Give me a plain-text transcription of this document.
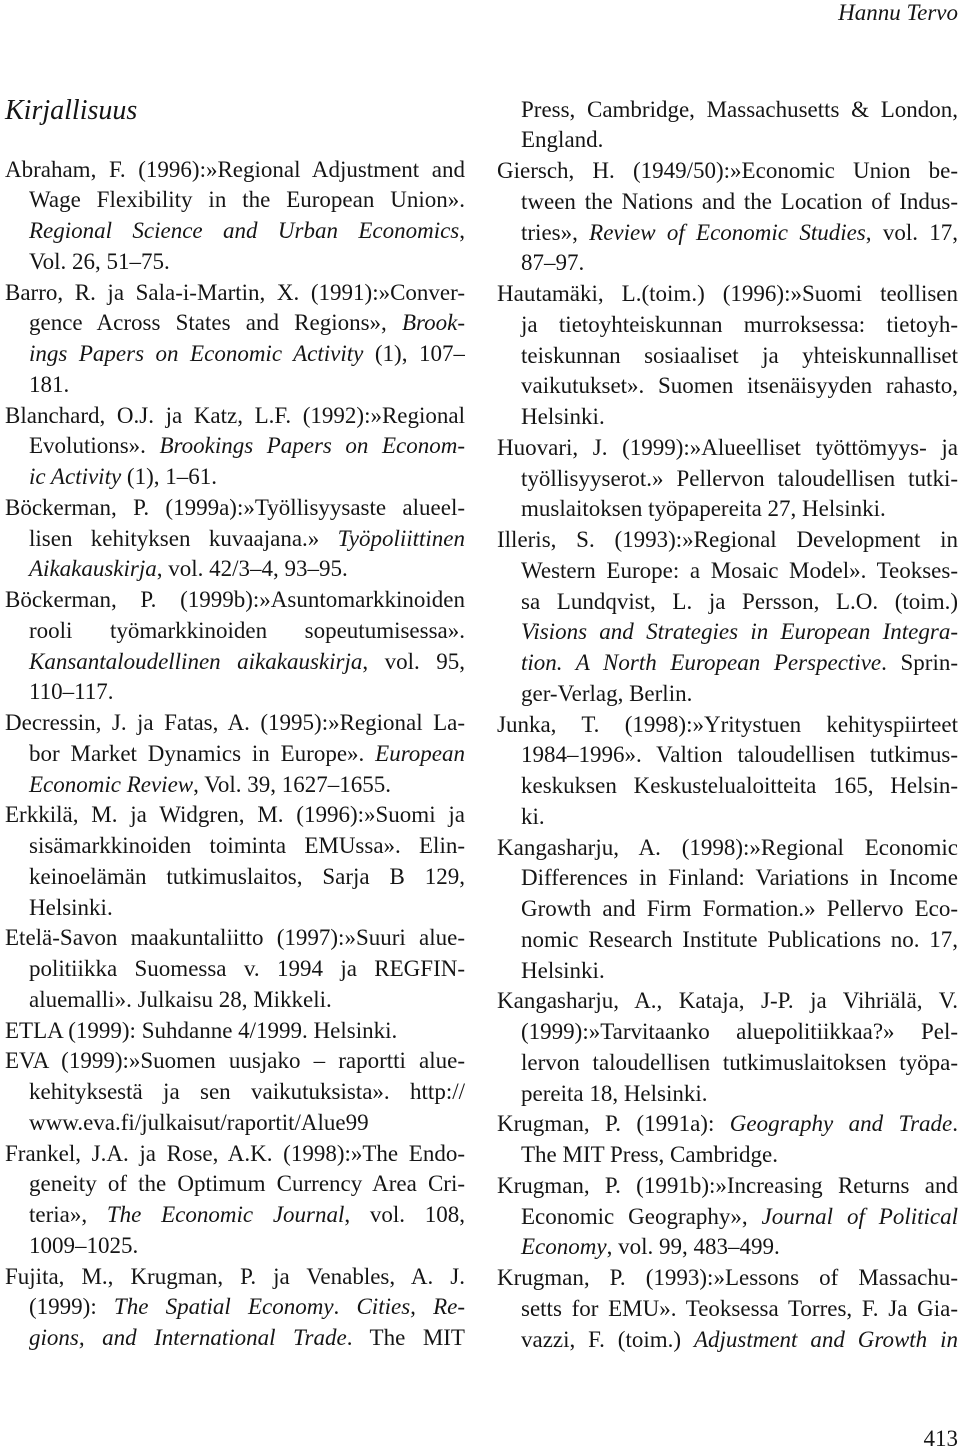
Hannu Tervo
Kirjallisuus
Abraham, F. (1996):»Regional Adjustment and
Wage Flexibility in the European Union».
Regional Science and Urban Economics,
Vol. 26, 51–75.
Barro, R. ja Sala-i-Martin, X. (1991):»Conver-
gence Across States and Regions», Brook-
ings Papers on Economic Activity (1), 107–
181.
Blanchard, O.J. ja Katz, L.F. (1992):»Regional
Evolutions». Brookings Papers on Econom-
ic Activity (1), 1–61.
Böckerman, P. (1999a):»Työllisyysaste alueel-
lisen kehityksen kuvaajana.» Työpoliittinen
Aikakauskirja, vol. 42/3–4, 93–95.
Böckerman, P. (1999b):»Asuntomarkkinoiden
rooli työmarkkinoiden sopeutumisessa».
Kansantaloudellinen aikakauskirja, vol. 95,
110–117.
Decressin, J. ja Fatas, A. (1995):»Regional La-
bor Market Dynamics in Europe». European
Economic Review, Vol. 39, 1627–1655.
Erkkilä, M. ja Widgren, M. (1996):»Suomi ja
sisämarkkinoiden toiminta EMUssa». Elin-
keinoelämän tutkimuslaitos, Sarja B 129,
Helsinki.
Etelä-Savon maakuntaliitto (1997):»Suuri alue-
politiikka Suomessa v. 1994 ja REGFIN-
aluemalli». Julkaisu 28, Mikkeli.
ETLA (1999): Suhdanne 4/1999. Helsinki.
EVA (1999):»Suomen uusjako – raportti alue-
kehityksestä ja sen vaikutuksista». http://
www.eva.fi/julkaisut/raportit/Alue99
Frankel, J.A. ja Rose, A.K. (1998):»The Endo-
geneity of the Optimum Currency Area Cri-
teria», The Economic Journal, vol. 108,
1009–1025.
Fujita, M., Krugman, P. ja Venables, A. J.
(1999): The Spatial Economy. Cities, Re-
gions, and International Trade. The MIT
Press, Cambridge, Massachusetts & London,
England.
Giersch, H. (1949/50):»Economic Union be-
tween the Nations and the Location of Indus-
tries», Review of Economic Studies, vol. 17,
87–97.
Hautamäki, L.(toim.) (1996):»Suomi teollisen
ja tietoyhteiskunnan murroksessa: tietoyh-
teiskunnan sosiaaliset ja yhteiskunnalliset
vaikutukset». Suomen itsenäisyyden rahasto,
Helsinki.
Huovari, J. (1999):»Alueelliset työttömyys- ja
työllisyyserot.» Pellervon taloudellisen tutki-
muslaitoksen työpapereita 27, Helsinki.
Illeris, S. (1993):»Regional Development in
Western Europe: a Mosaic Model». Teokses-
sa Lundqvist, L. ja Persson, L.O. (toim.)
Visions and Strategies in European Integra-
tion. A North European Perspective. Sprin-
ger-Verlag, Berlin.
Junka, T. (1998):»Yritystuen kehityspiirteet
1984–1996». Valtion taloudellisen tutkimus-
keskuksen Keskustelualoitteita 165, Helsin-
ki.
Kangasharju, A. (1998):»Regional Economic
Differences in Finland: Variations in Income
Growth and Firm Formation.» Pellervo Eco-
nomic Research Institute Publications no. 17,
Helsinki.
Kangasharju, A., Kataja, J-P. ja Vihriälä, V.
(1999):»Tarvitaanko aluepolitiikkaa?» Pel-
lervon taloudellisen tutkimuslaitoksen työpa-
pereita 18, Helsinki.
Krugman, P. (1991a): Geography and Trade.
The MIT Press, Cambridge.
Krugman, P. (1991b):»Increasing Returns and
Economic Geography», Journal of Political
Economy, vol. 99, 483–499.
Krugman, P. (1993):»Lessons of Massachu-
setts for EMU». Teoksessa Torres, F. Ja Gia-
vazzi, F. (toim.) Adjustment and Growth in
413
